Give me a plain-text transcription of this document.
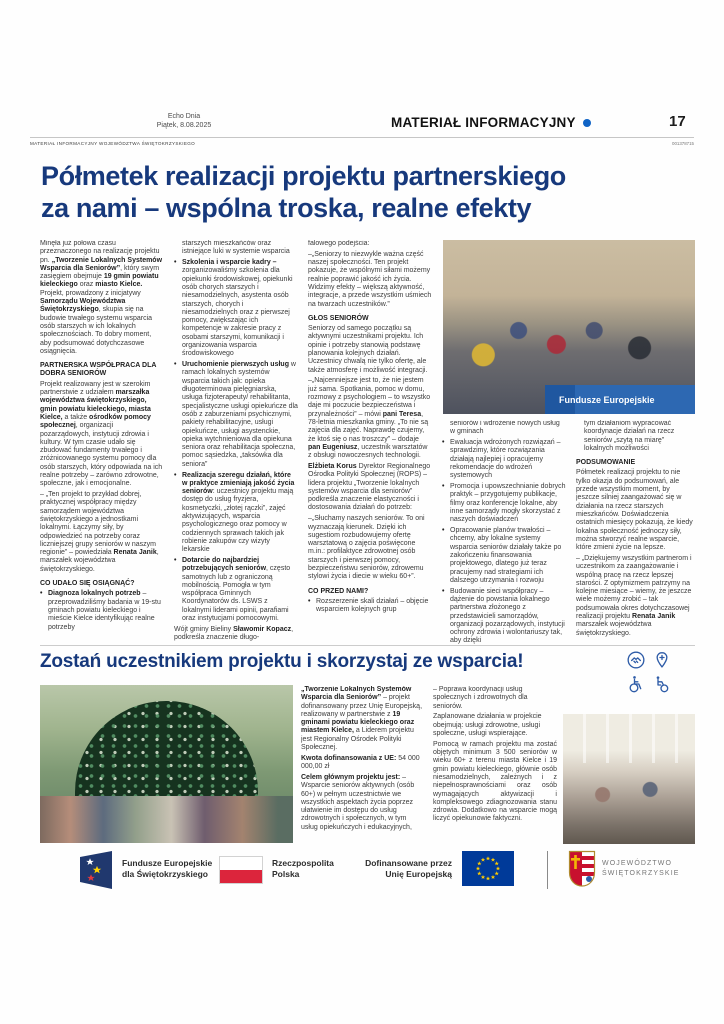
Echo Dnia
Piątek, 8.08.2025	MATERIAŁ INFORMACYJNY	17
MATERIAŁ INFORMACYJNY WOJEWÓDZTWA ŚWIĘTOKRZYSKIEGO	001378715
Półmetek realizacji projektu partnerskiego
za nami – wspólna troska, realne efekty
Fundusze Europejskie
Minęła już połowa czasu przeznaczonego na realizację projektu pn. „Tworzenie Lokalnych Systemów Wsparcia dla Seniorów”, który swym zasięgiem obejmuje 19 gmin powiatu kieleckiego oraz miasto Kielce. Projekt, prowadzony z inicjatywy Samorządu Województwa Świętokrzyskiego, skupia się na budowie trwałego systemu wsparcia osób starszych w ich lokalnych społecznościach. To dobry moment, aby podsumować dotychczasowe osiągnięcia.
PARTNERSKA WSPÓŁPRACA DLA DOBRA SENIORÓW
Projekt realizowany jest w szerokim partnerstwie z udziałem marszałka województwa świętokrzyskiego, gmin powiatu kieleckiego, miasta Kielce, a także ośrodków pomocy społecznej, organizacji pozarządowych, instytucji zdrowia i kultury. W tym czasie udało się zbudować fundamenty trwałego i zróżnicowanego systemu pomocy dla osób starszych, który odpowiada na ich realne potrzeby – zarówno zdrowotne, społeczne, jak i emocjonalne.
– „Ten projekt to przykład dobrej, praktycznej współpracy między samorządem województwa świętokrzyskiego a jednostkami lokalnymi. Łączymy siły, by odpowiedzieć na potrzeby coraz liczniejszej grupy seniorów w naszym regionie” – powiedziała Renata Janik, marszałek województwa świętokrzyskiego.
CO UDAŁO SIĘ OSIĄGNĄĆ?
• Diagnoza lokalnych potrzeb – przeprowadziliśmy badania w 19-stu gminach powiatu kieleckiego i mieście Kielce identyfikując realne potrzeby
starszych mieszkańców oraz istniejące luki w systemie wsparcia
• Szkolenia i wsparcie kadry – zorganizowaliśmy szkolenia dla opiekunki środowiskowej, opiekunki osób chorych starszych i niesamodzielnych, asystenta osób starszych, chorych i niesamodzielnych oraz z pierwszej pomocy, zwiększając ich kompetencje w zakresie pracy z osobami starszymi, komunikacji i organizowania wsparcia środowiskowego
• Uruchomienie pierwszych usług w ramach lokalnych systemów wsparcia takich jak: opieka długoterminowa pielęgniarska, usługa fizjoterapeuty/ rehabilitanta, specjalistyczne usługi opiekuńcze dla osób z zaburzeniami psychicznymi, pakiety rehabilitacyjne, usługi opiekuńcze, usługi asystenckie, opieka wytchnieniowa dla opiekuna seniora oraz rehabilitacja społeczna, pomoc sąsiedzka, „taksówka dla seniora”
• Realizacja szeregu działań, które w praktyce zmieniają jakość życia seniorów: uczestnicy projektu mają dostęp do usług fryzjera, kosmetyczki, „złotej rączki”, zajęć aktywizujących, wsparcia psychologicznego oraz pomocy w codziennych sprawach takich jak robienie zakupów czy wizyty lekarskie
• Dotarcie do najbardziej potrzebujących seniorów, często samotnych lub z ograniczoną mobilnością. Pomogła w tym współpraca Gminnych Koordynatorów ds. LSWS z lokalnymi liderami opinii, parafiami oraz instytucjami pomocowymi.
Wójt gminy Bieliny Sławomir Kopacz, podkreśla znaczenie długo-
falowego podejścia:
–„Seniorzy to niezwykle ważna część naszej społeczności. Ten projekt pokazuje, że wspólnymi siłami możemy realnie poprawić jakość ich życia. Widzimy efekty – większą aktywność, integracje, a przede wszystkim uśmiech na twarzach uczestników.”
GŁOS SENIORÓW
Seniorzy od samego początku są aktywnymi uczestnikami projektu. Ich opinie i potrzeby stanowią podstawę planowania kolejnych działań. Uczestnicy chwalą nie tylko ofertę, ale także atmosferę i możliwość integracji.
–„Najcenniejsze jest to, że nie jestem już sama. Spotkania, pomoc w domu, rozmowy z psychologiem – to wszystko daje mi poczucie bezpieczeństwa i przynależności” – mówi pani Teresa, 78-letnia mieszkanka gminy. „To nie są zajęcia dla zajęć. Naprawdę czujemy, że ktoś się o nas troszczy” – dodaje pan Eugeniusz, uczestnik warsztatów z obsługi nowoczesnych technologii.
Elżbieta Korus Dyrektor Regionalnego Ośrodka Polityki Społecznej (ROPS) – lidera projektu „Tworzenie lokalnych systemów wsparcia dla seniorów” podkreśla znaczenie elastyczności i dostosowania działań do potrzeb:
–„Słuchamy naszych seniorów. To oni wyznaczają kierunek. Dzięki ich sugestiom rozbudowujemy ofertę warsztatową o zajęcia poświęcone m.in.: profilaktyce zdrowotnej osób starszych i pierwszej pomocy, bezpieczeństwu seniorów, zdrowemu stylowi życia i diecie w wieku 60+”.
CO PRZED NAMI?
• Rozszerzenie skali działań – objęcie wsparciem kolejnych grup
seniorów i wdrożenie nowych usług w gminach
• Ewaluacja wdrożonych rozwiązań – sprawdzimy, które rozwiązania działają najlepiej i opracujemy rekomendacje do wdrożeń systemowych
• Promocja i upowszechnianie dobrych praktyk – przygotujemy publikacje, filmy oraz konferencje lokalne, aby inne samorządy mogły skorzystać z naszych doświadczeń
• Opracowanie planów trwałości – chcemy, aby lokalne systemy wsparcia seniorów działały także po zakończeniu finansowania projektowego, dlatego już teraz pracujemy nad strategiami ich dalszego utrzymania i rozwoju
• Budowanie sieci współpracy – dążenie do powstania lokalnego partnerstwa złożonego z przedstawicieli samorządów, organizacji pozarządowych, instytucji ochrony zdrowia i wolontariuszy tak, aby dzięki
tym działaniom wypracować koordynacje działań na rzecz seniorów „szytą na miarę” lokalnych możliwości
PODSUMOWANIE
Półmetek realizacji projektu to nie tylko okazja do podsumowań, ale przede wszystkim moment, by jeszcze silniej zaangażować się w działania na rzecz starszych mieszkańców. Doświadczenia ostatnich miesięcy pokazują, że kiedy lokalna społeczność jednoczy siły, można stworzyć realne wsparcie, które zmieni życie na lepsze.
– „Dziękujemy wszystkim partnerom i uczestnikom za zaangażowanie i wspólną pracę na rzecz lepszej starości. Z optymizmem patrzymy na kolejne miesiące – wiemy, że jeszcze wiele możemy zrobić – tak podsumowała okres dotychczasowej realizacji projektu Renata Janik marszałek województwa świętokrzyskiego.
Zostań uczestnikiem projektu i skorzystaj ze wsparcia!
„Tworzenie Lokalnych Systemów Wsparcia dla Seniorów” – projekt dofinansowany przez Unię Europejską, realizowany w partnerstwie z 19 gminami powiatu kieleckiego oraz miastem Kielce, a Liderem projektu jest Regionalny Ośrodek Polityki Społecznej.
Kwota dofinansowania z UE: 54 000 000,00 zł
Celem głównym projektu jest: – Wsparcie seniorów aktywnych (osób 60+) w pełnym uczestnictwie we wszystkich aspektach życia poprzez ułatwienie im dostępu do usług zdrowotnych i społecznych, w tym usług opiekuńczych i edukacyjnych,
– Poprawa koordynacji usług społecznych i zdrowotnych dla seniorów.
Zaplanowane działania w projekcie obejmują: usługi zdrowotne, usługi społeczne, usługi wspierające.
Pomocą w ramach projektu ma zostać objętych minimum 3 500 seniorów w wieku 60+ z terenu miasta Kielce i 19 gmin powiatu kieleckiego, głównie osób niesamodzielnych, zależnych i z niepełnosprawnościami oraz osób wymagających aktywizacji i kompleksowego zdiagnozowania stanu zdrowia. Dodatkowo na wsparcie mogą liczyć opiekunowie faktyczni.
Fundusze Europejskie
dla Świętokrzyskiego
Rzeczpospolita
Polska
Dofinansowane przez
Unię Europejską
WOJEWÓDZTWO
ŚWIĘTOKRZYSKIE
